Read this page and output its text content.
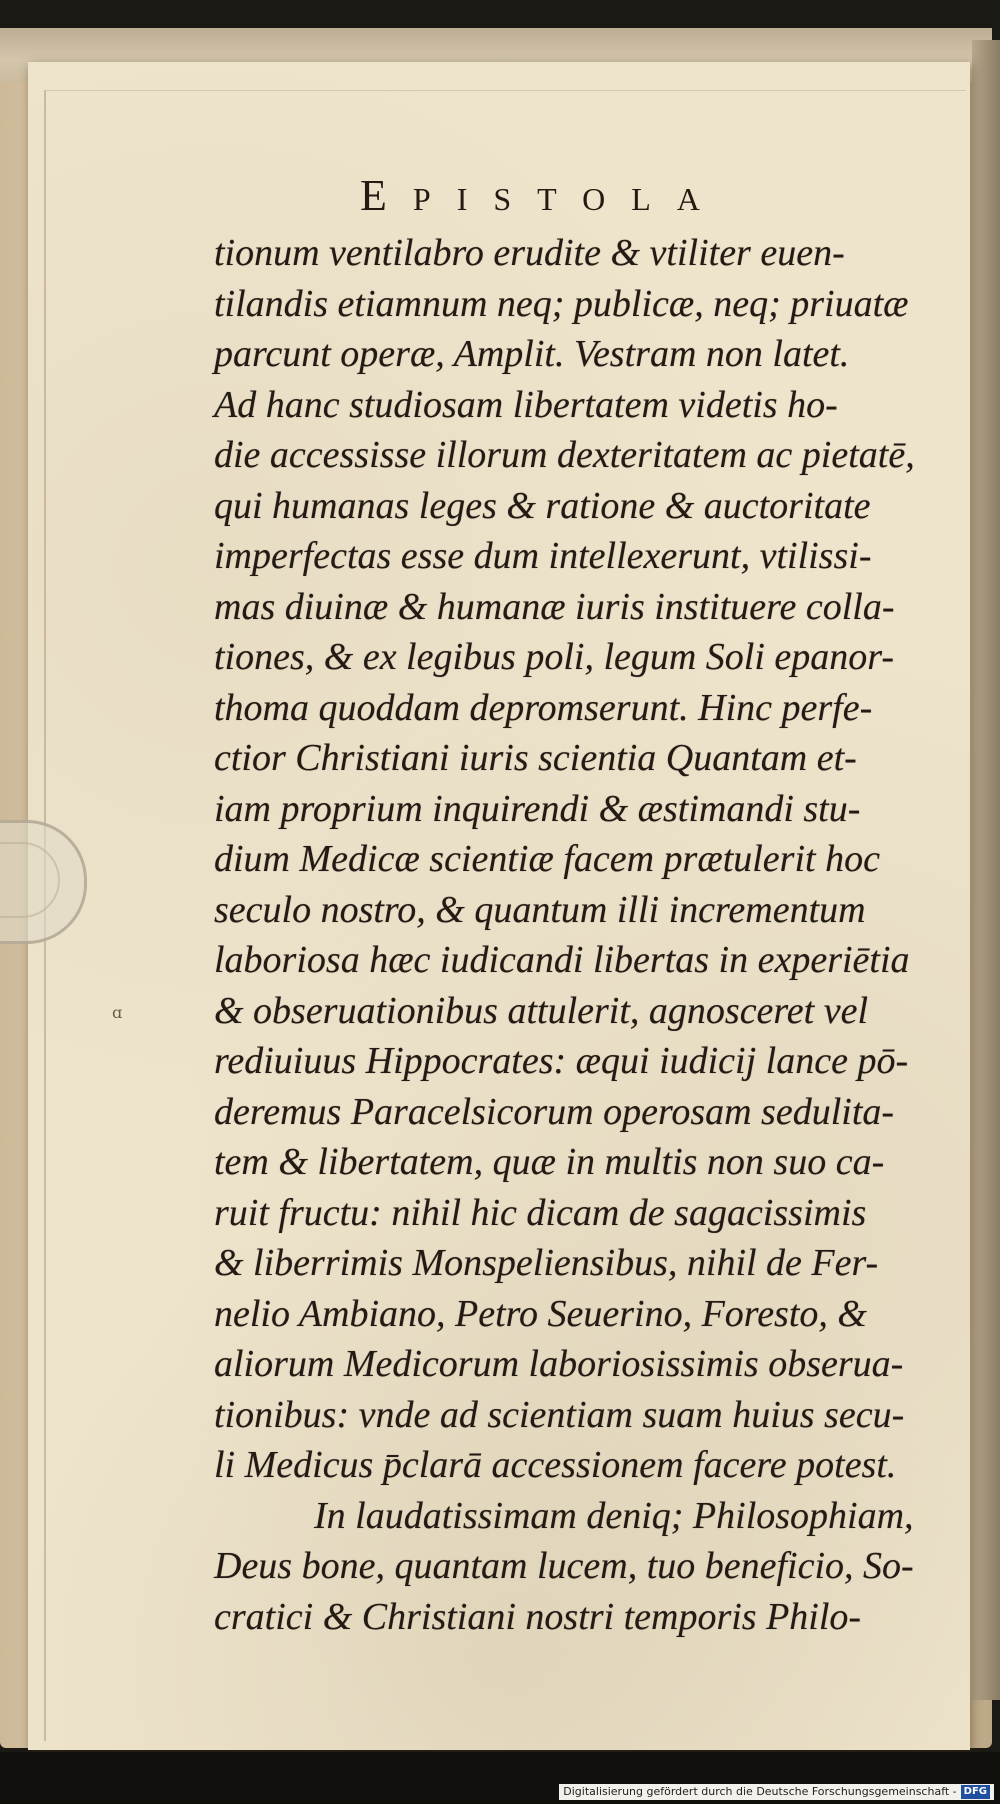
ɑ
EPISTOLA
tionum ventilabro erudite & vtiliter euen-
tilandis etiamnum neq; publicæ, neq; priuatæ
parcunt operæ, Amplit. Vestram non latet.
Ad hanc studiosam libertatem videtis ho-
die accessisse illorum dexteritatem ac pietatē,
qui humanas leges & ratione & auctoritate
imperfectas esse dum intellexerunt, vtilissi-
mas diuinæ & humanæ iuris instituere colla-
tiones, & ex legibus poli, legum Soli epanor-
thoma quoddam depromserunt. Hinc perfe-
ctior Christiani iuris scientia Quantam et-
iam proprium inquirendi & æstimandi stu-
dium Medicæ scientiæ facem prætulerit hoc
seculo nostro, & quantum illi incrementum
laboriosa hæc iudicandi libertas in experiētia
& obseruationibus attulerit, agnosceret vel
rediuiuus Hippocrates: æqui iudicij lance pō-
deremus Paracelsicorum operosam sedulita-
tem & libertatem, quæ in multis non suo ca-
ruit fructu: nihil hic dicam de sagacissimis
& liberrimis Monspeliensibus, nihil de Fer-
nelio Ambiano, Petro Seuerino, Foresto, &
aliorum Medicorum laboriosissimis obserua-
tionibus: vnde ad scientiam suam huius secu-
li Medicus p̄clarā accessionem facere potest.
In laudatissimam deniq; Philosophiam,
Deus bone, quantam lucem, tuo beneficio, So-
cratici & Christiani nostri temporis Philo-
Digitalisierung gefördert durch die Deutsche Forschungsgemeinschaft - DFG
